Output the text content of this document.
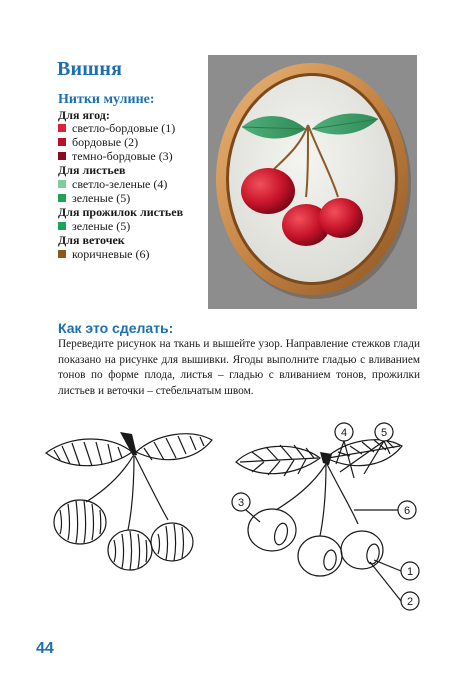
Вишня
Нитки мулине:
Для ягод:
светло-бордовые (1)
бордовые (2)
темно-бордовые (3)
Для листьев
светло-зеленые (4)
зеленые (5)
Для прожилок листьев
зеленые (5)
Для веточек
коричневые (6)
Как это сделать:
Переведите рисунок на ткань и вышейте узор. Направление стежков глади показано на рисунке для вышивки. Ягоды выполните гладью с вливанием тонов по форме плода, листья – гладью с вливанием тонов, прожилки листьев и веточки – стебельчатым швом.
3
4	5
6
1
2
44
